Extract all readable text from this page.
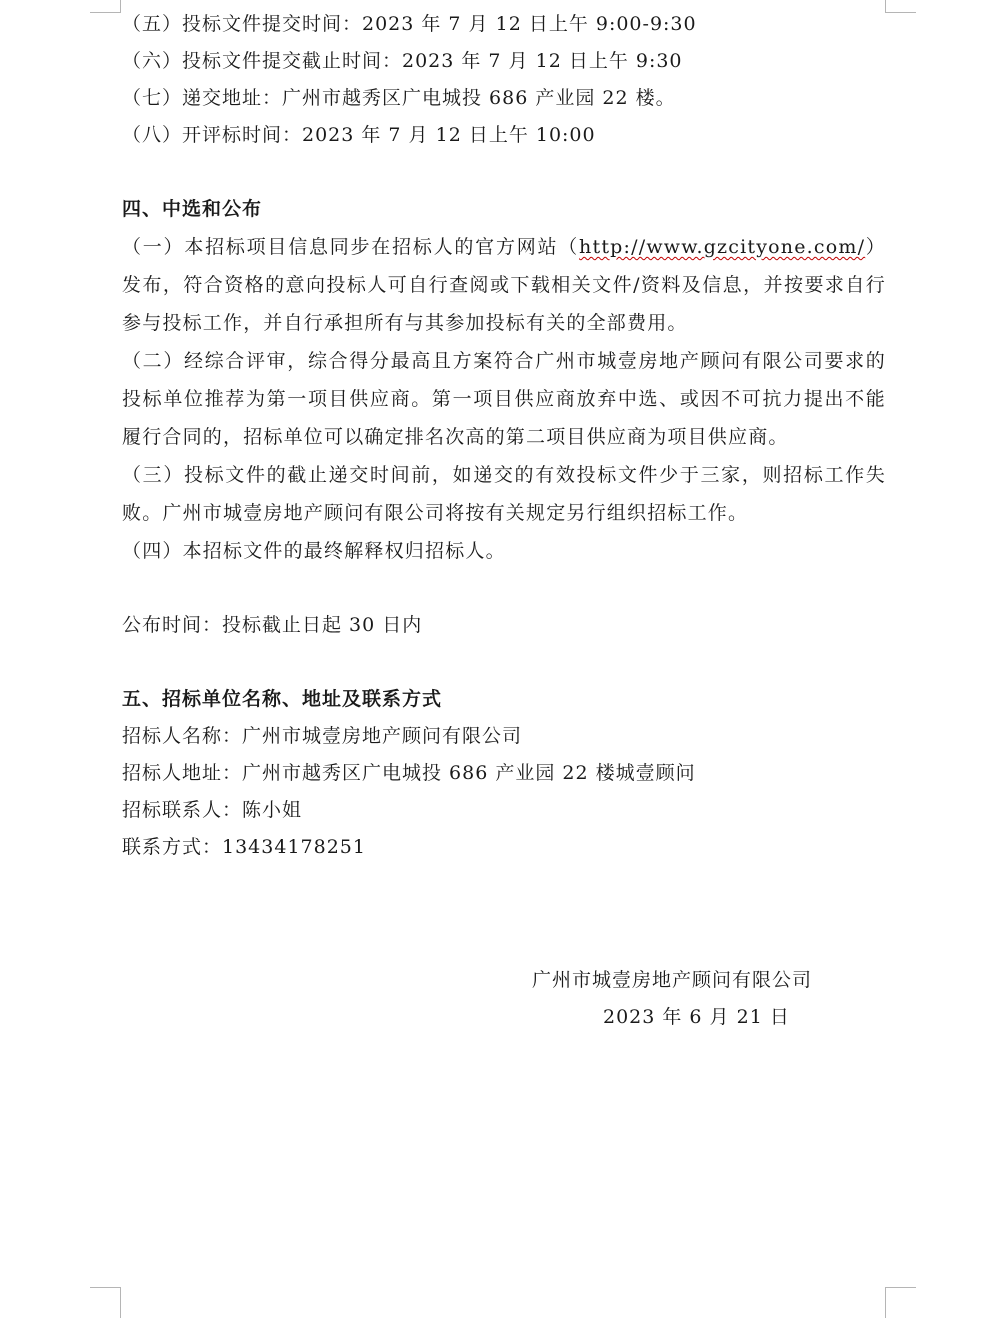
（五）投标文件提交时间：2023 年 7 月 12 日上午 9:00-9:30
（六）投标文件提交截止时间：2023 年 7 月 12 日上午 9:30
（七）递交地址：广州市越秀区广电城投 686 产业园 22 楼。
（八）开评标时间：2023 年 7 月 12 日上午 10:00
四、中选和公布
（一）本招标项目信息同步在招标人的官方网站（http://www.gzcityone.com/）发布，符合资格的意向投标人可自行查阅或下载相关文件/资料及信息，并按要求自行参与投标工作，并自行承担所有与其参加投标有关的全部费用。
（二）经综合评审，综合得分最高且方案符合广州市城壹房地产顾问有限公司要求的投标单位推荐为第一项目供应商。第一项目供应商放弃中选、或因不可抗力提出不能履行合同的，招标单位可以确定排名次高的第二项目供应商为项目供应商。
（三）投标文件的截止递交时间前，如递交的有效投标文件少于三家，则招标工作失败。广州市城壹房地产顾问有限公司将按有关规定另行组织招标工作。
（四）本招标文件的最终解释权归招标人。
公布时间：投标截止日起 30 日内
五、招标单位名称、地址及联系方式
招标人名称：广州市城壹房地产顾问有限公司
招标人地址：广州市越秀区广电城投 686 产业园 22 楼城壹顾问
招标联系人：陈小姐
联系方式：13434178251
广州市城壹房地产顾问有限公司
2023 年 6 月 21 日
